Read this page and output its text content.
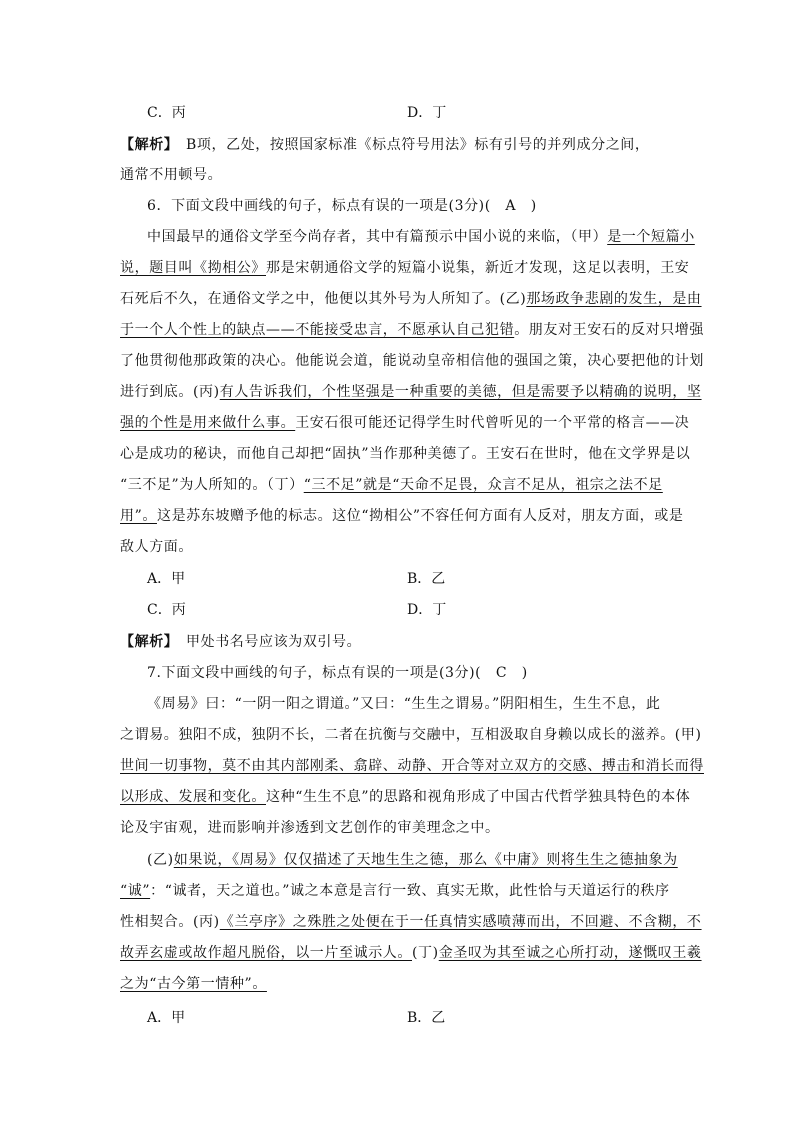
C．丙	D．丁
【解析】　B项，乙处，按照国家标准《标点符号用法》标有引号的并列成分之间，
通常不用顿号。
6．下面文段中画线的句子，标点有误的一项是(3分)(　A　)
中国最早的通俗文学至今尚存者，其中有篇预示中国小说的来临，（甲）是一个短篇小
说，题目叫《拗相公》那是宋朝通俗文学的短篇小说集，新近才发现，这足以表明，王安
石死后不久，在通俗文学之中，他便以其外号为人所知了。(乙)那场政争悲剧的发生，是由
于一个人个性上的缺点——不能接受忠言，不愿承认自己犯错。朋友对王安石的反对只增强
了他贯彻他那政策的决心。他能说会道，能说动皇帝相信他的强国之策，决心要把他的计划
进行到底。(丙)有人告诉我们，个性坚强是一种重要的美德，但是需要予以精确的说明，坚
强的个性是用来做什么事。王安石很可能还记得学生时代曾听见的一个平常的格言——决
心是成功的秘诀，而他自己却把“固执”当作那种美德了。王安石在世时，他在文学界是以
“三不足”为人所知的。（丁）“三不足”就是“天命不足畏，众言不足从，祖宗之法不足
用”。这是苏东坡赠予他的标志。这位“拗相公”不容任何方面有人反对，朋友方面，或是
敌人方面。
A．甲	B．乙
C．丙	D．丁
【解析】　甲处书名号应该为双引号。
7.下面文段中画线的句子，标点有误的一项是(3分)(　C　)
《周易》曰：“一阴一阳之谓道。”又曰：“生生之谓易。”阴阳相生，生生不息，此
之谓易。独阳不成，独阴不长，二者在抗衡与交融中，互相汲取自身赖以成长的滋养。(甲)
世间一切事物，莫不由其内部刚柔、翕辟、动静、开合等对立双方的交感、搏击和消长而得
以形成、发展和变化。这种“生生不息”的思路和视角形成了中国古代哲学独具特色的本体
论及宇宙观，进而影响并渗透到文艺创作的审美理念之中。
(乙)如果说，《周易》仅仅描述了天地生生之德，那么《中庸》则将生生之德抽象为
“诚”：“诚者，天之道也。”诚之本意是言行一致、真实无欺，此性恰与天道运行的秩序
性相契合。(丙)《兰亭序》之殊胜之处便在于一任真情实感喷薄而出，不回避、不含糊，不
故弄玄虚或故作超凡脱俗，以一片至诚示人。(丁)金圣叹为其至诚之心所打动，遂慨叹王羲
之为“古今第一情种”。
A．甲	B．乙
